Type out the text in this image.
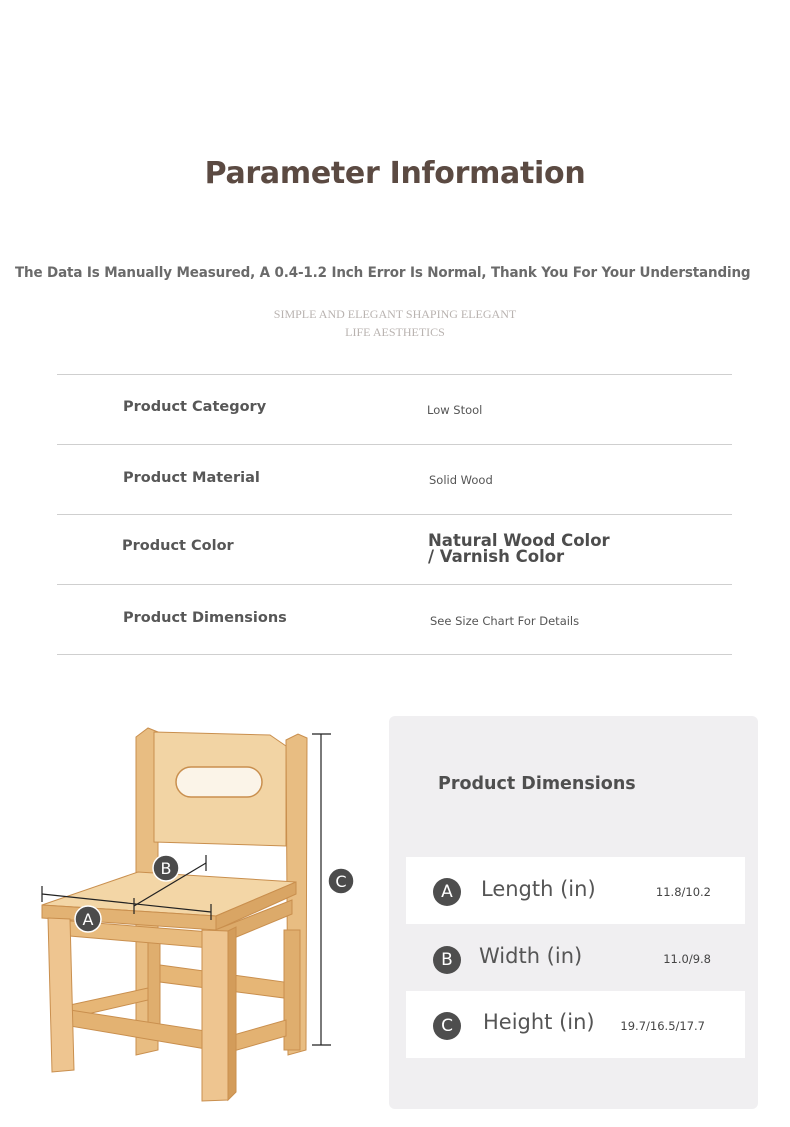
Parameter Information
The Data Is Manually Measured, A 0.4-1.2 Inch Error Is Normal, Thank You For Your Understanding
SIMPLE AND ELEGANT SHAPING ELEGANT
LIFE AESTHETICS
Product Category	Low Stool
Product Material	Solid Wood
Product Color	Natural Wood Color
/ Varnish Color
Product Dimensions	See Size Chart For Details
A
B
C
Product Dimensions
A	Length (in)	11.8/10.2
B	Width (in)	11.0/9.8
C	Height (in) 19.7/16.5/17.7
